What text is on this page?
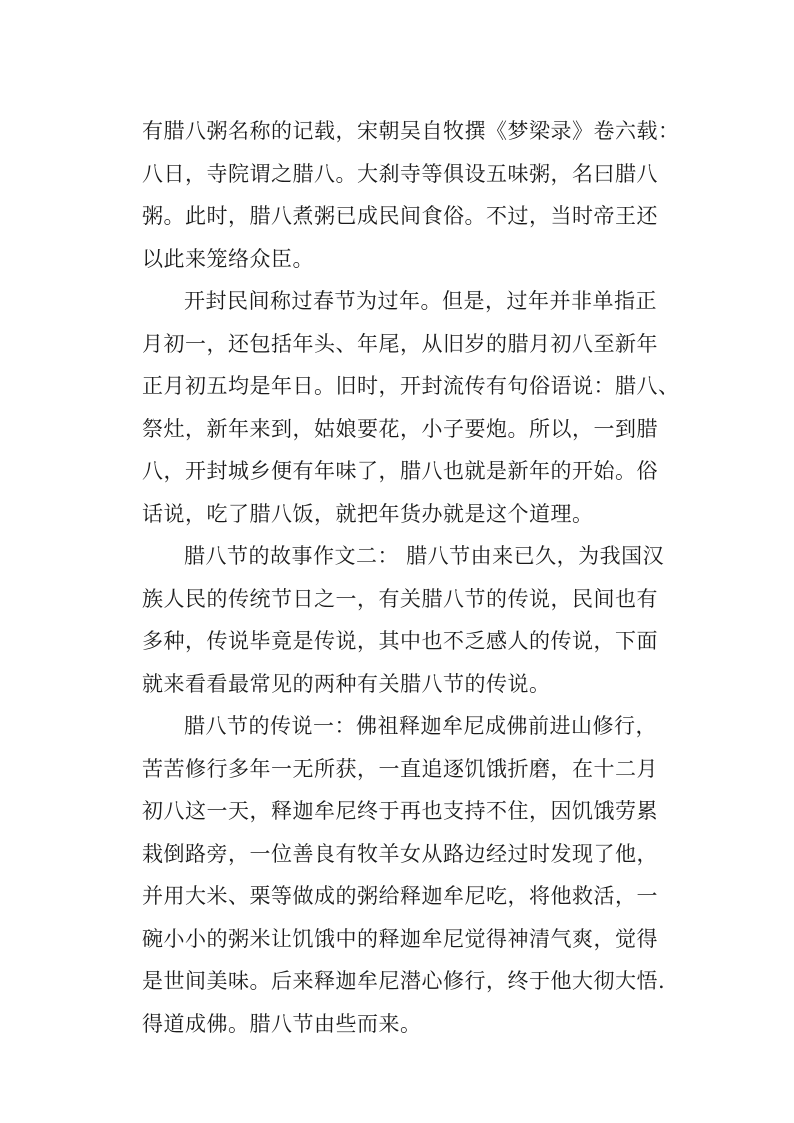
有腊八粥名称的记载，宋朝吴自牧撰《梦梁录》卷六载：
八日，寺院谓之腊八。大刹寺等俱设五味粥，名曰腊八
粥。此时，腊八煮粥已成民间食俗。不过，当时帝王还
以此来笼络众臣。
开封民间称过春节为过年。但是，过年并非单指正
月初一，还包括年头、年尾，从旧岁的腊月初八至新年
正月初五均是年日。旧时，开封流传有句俗语说：腊八、
祭灶，新年来到，姑娘要花，小子要炮。所以，一到腊
八，开封城乡便有年味了，腊八也就是新年的开始。俗
话说，吃了腊八饭，就把年货办就是这个道理。
腊八节的故事作文二： 腊八节由来已久，为我国汉
族人民的传统节日之一，有关腊八节的传说，民间也有
多种，传说毕竟是传说，其中也不乏感人的传说，下面
就来看看最常见的两种有关腊八节的传说。
腊八节的传说一：佛祖释迦牟尼成佛前进山修行，
苦苦修行多年一无所获，一直追逐饥饿折磨，在十二月
初八这一天，释迦牟尼终于再也支持不住，因饥饿劳累
栽倒路旁，一位善良有牧羊女从路边经过时发现了他，
并用大米、栗等做成的粥给释迦牟尼吃，将他救活，一
碗小小的粥米让饥饿中的释迦牟尼觉得神清气爽，觉得
是世间美味。后来释迦牟尼潜心修行，终于他大彻大悟.
得道成佛。腊八节由些而来。
